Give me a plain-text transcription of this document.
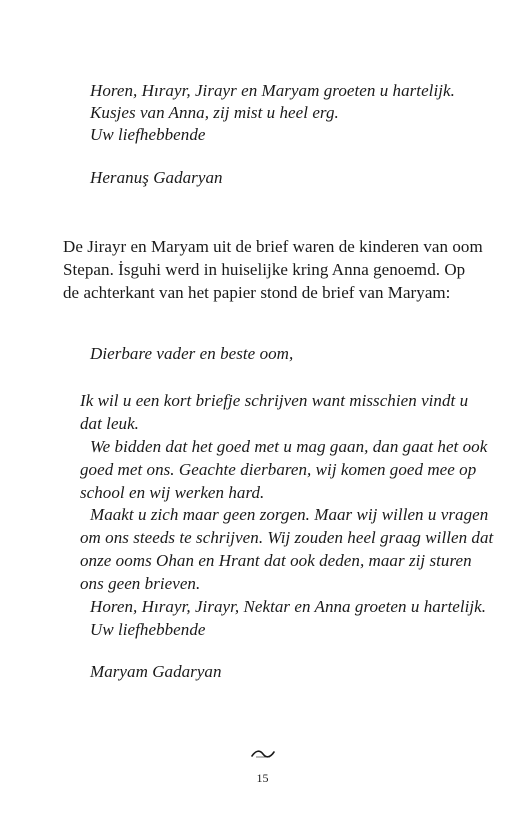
Horen, Hırayr, Jirayr en Maryam groeten u hartelijk.
Kusjes van Anna, zij mist u heel erg.
Uw liefhebbende
Heranuş Gadaryan
De Jirayr en Maryam uit de brief waren de kinderen van oom
Stepan. İsguhi werd in huiselijke kring Anna genoemd. Op
de achterkant van het papier stond de brief van Maryam:
Dierbare vader en beste oom,
Ik wil u een kort briefje schrijven want misschien vindt u
dat leuk.
We bidden dat het goed met u mag gaan, dan gaat het ook
goed met ons. Geachte dierbaren, wij komen goed mee op
school en wij werken hard.
Maakt u zich maar geen zorgen. Maar wij willen u vragen
om ons steeds te schrijven. Wij zouden heel graag willen dat
onze ooms Ohan en Hrant dat ook deden, maar zij sturen
ons geen brieven.
Horen, Hırayr, Jirayr, Nektar en Anna groeten u hartelijk.
Uw liefhebbende
Maryam Gadaryan
15
